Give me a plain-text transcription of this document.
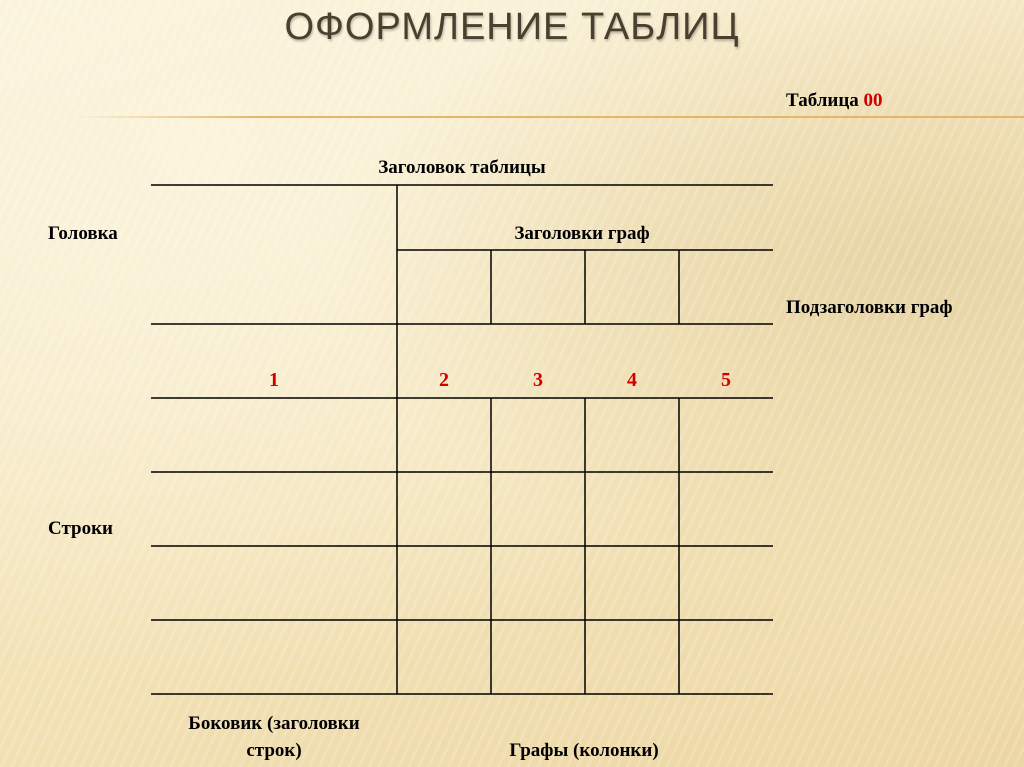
ОФОРМЛЕНИЕ ТАБЛИЦ
Таблица 00
Заголовок таблицы
Головка	Заголовки граф
Подзаголовки граф
Строки
Боковик (заголовки
строк)	Графы (колонки)
1	2	3	4	5
